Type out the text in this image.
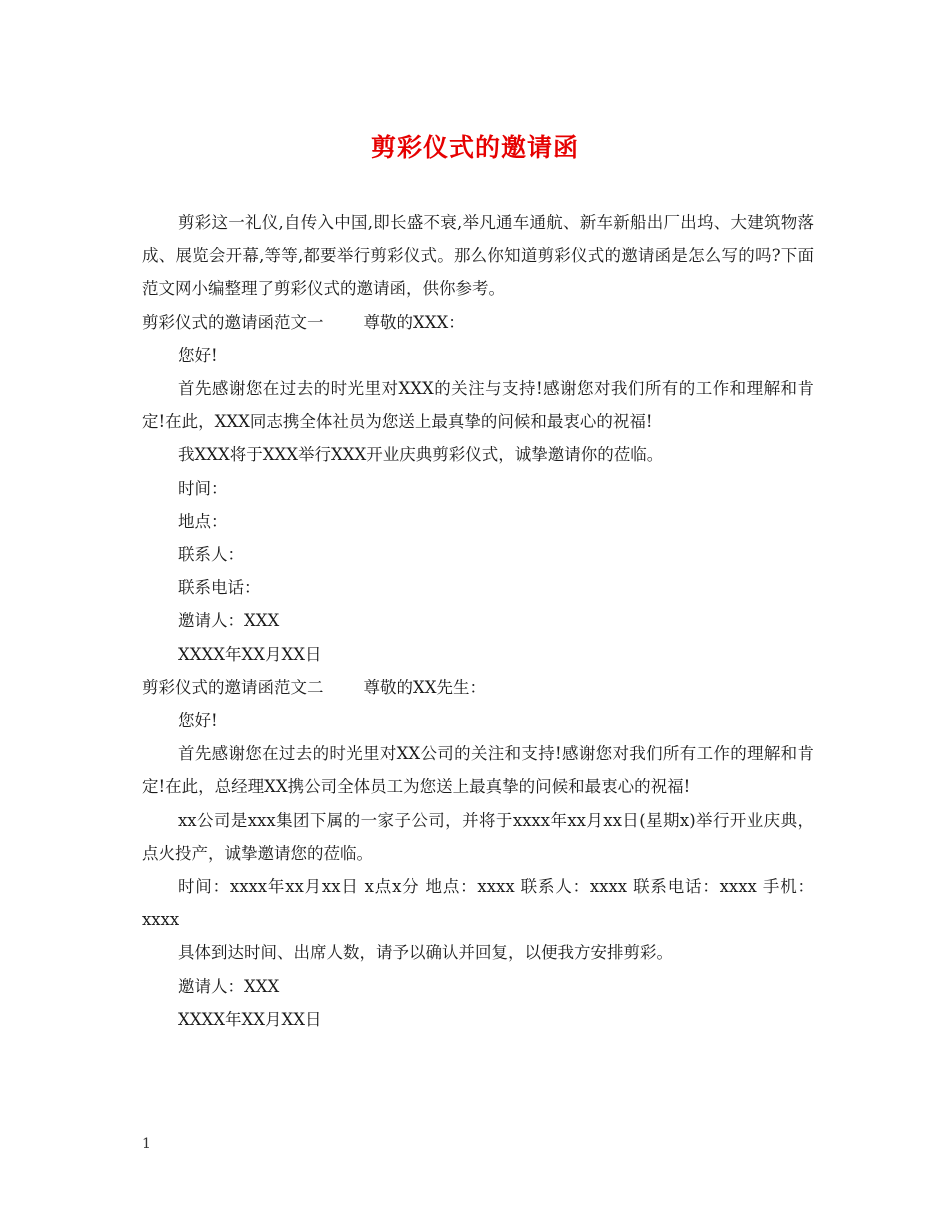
剪彩仪式的邀请函
剪彩这一礼仪,自传入中国,即长盛不衰,举凡通车通航、新车新船出厂出坞、大建筑物落成、展览会开幕,等等,都要举行剪彩仪式。那么你知道剪彩仪式的邀请函是怎么写的吗?下面范文网小编整理了剪彩仪式的邀请函，供你参考。
剪彩仪式的邀请函范文一 尊敬的XXX：
您好!
首先感谢您在过去的时光里对XXX的关注与支持!感谢您对我们所有的工作和理解和肯定!在此，XXX同志携全体社员为您送上最真挚的问候和最衷心的祝福!
我XXX将于XXX举行XXX开业庆典剪彩仪式，诚挚邀请你的莅临。
时间：
地点：
联系人：
联系电话：
邀请人：XXX
XXXX年XX月XX日
剪彩仪式的邀请函范文二 尊敬的XX先生：
您好!
首先感谢您在过去的时光里对XX公司的关注和支持!感谢您对我们所有工作的理解和肯定!在此，总经理XX携公司全体员工为您送上最真挚的问候和最衷心的祝福!
xx公司是xxx集团下属的一家子公司，并将于xxxx年xx月xx日(星期x)举行开业庆典，点火投产，诚挚邀请您的莅临。
时间：xxxx年xx月xx日 x点x分 地点：xxxx 联系人：xxxx 联系电话：xxxx 手机： xxxx
具体到达时间、出席人数，请予以确认并回复，以便我方安排剪彩。
邀请人：XXX
XXXX年XX月XX日
1
